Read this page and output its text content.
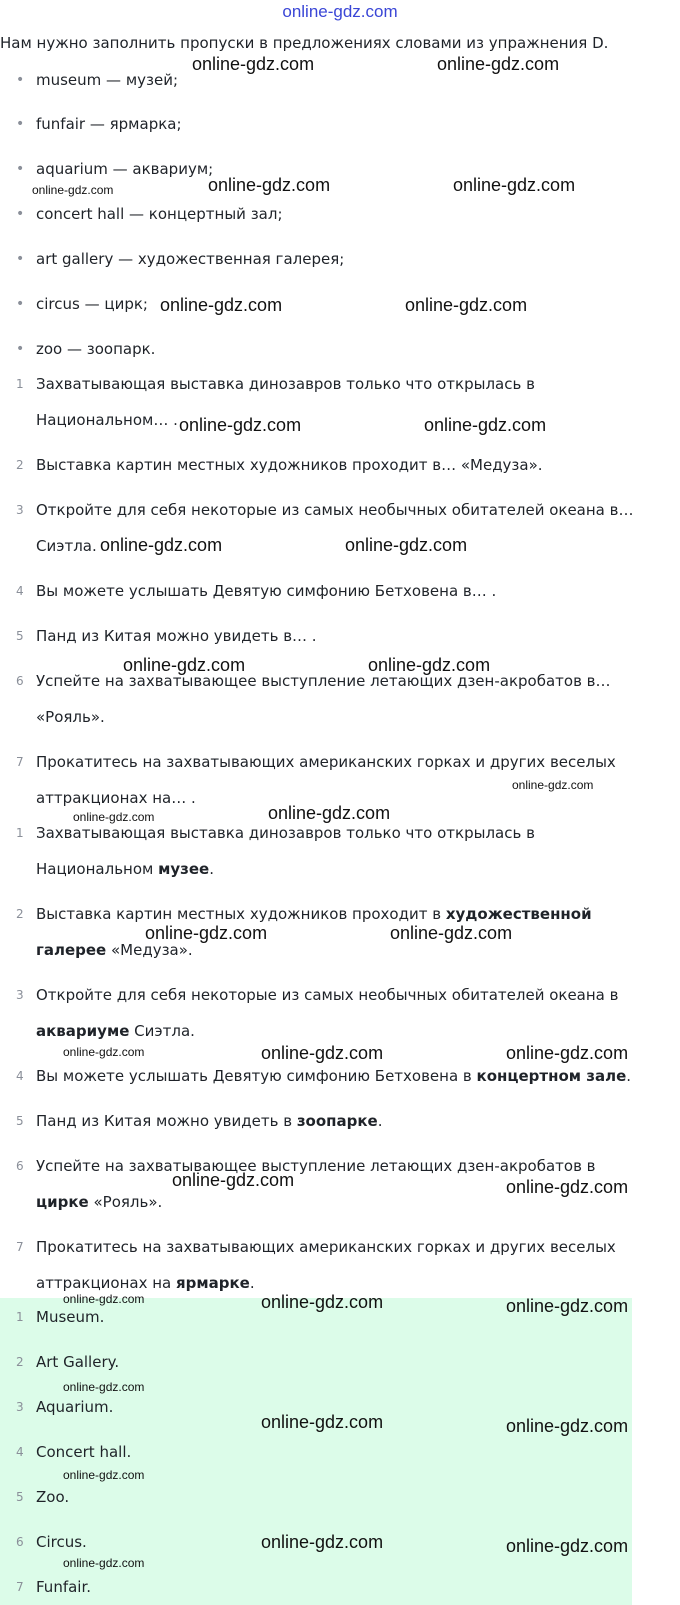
online-gdz.com
Нам нужно заполнить пропуски в предложениях словами из упражнения D.
• museum — музей;
• funfair — ярмарка;
• aquarium — аквариум;
• concert hall — концертный зал;
• art gallery — художественная галерея;
• circus — цирк;
• zoo — зоопарк.
1 Захватывающая выставка динозавров только что открылась в
Национальном… .
2 Выставка картин местных художников проходит в… «Медуза».
3 Откройте для себя некоторые из самых необычных обитателей океана в…
Сиэтла.
4 Вы можете услышать Девятую симфонию Бетховена в… .
5 Панд из Китая можно увидеть в… .
6 Успейте на захватывающее выступление летающих дзен-акробатов в…
«Рояль».
7 Прокатитесь на захватывающих американских горках и других веселых
аттракционах на… .
1 Захватывающая выставка динозавров только что открылась в
Национальном музее.
2 Выставка картин местных художников проходит в художественной
галерее «Медуза».
3 Откройте для себя некоторые из самых необычных обитателей океана в
аквариуме Сиэтла.
4 Вы можете услышать Девятую симфонию Бетховена в концертном зале.
5 Панд из Китая можно увидеть в зоопарке.
6 Успейте на захватывающее выступление летающих дзен-акробатов в
цирке «Рояль».
7 Прокатитесь на захватывающих американских горках и других веселых
аттракционах на ярмарке.
1 Museum.
2 Art Gallery.
3 Aquarium.
4 Concert hall.
5 Zoo.
6 Circus.
7 Funfair.
online-gdz.com	online-gdz.com
online-gdz.com	online-gdz.com	online-gdz.com
online-gdz.com	online-gdz.com
online-gdz.com	online-gdz.com
online-gdz.com	online-gdz.com
online-gdz.com	online-gdz.com
online-gdz.com
online-gdz.com	online-gdz.com
online-gdz.com	online-gdz.com
online-gdz.com	online-gdz.com	online-gdz.com
online-gdz.com	online-gdz.com
online-gdz.com	online-gdz.com	online-gdz.com
online-gdz.com
online-gdz.com	online-gdz.com
online-gdz.com
online-gdz.com	online-gdz.com
online-gdz.com
